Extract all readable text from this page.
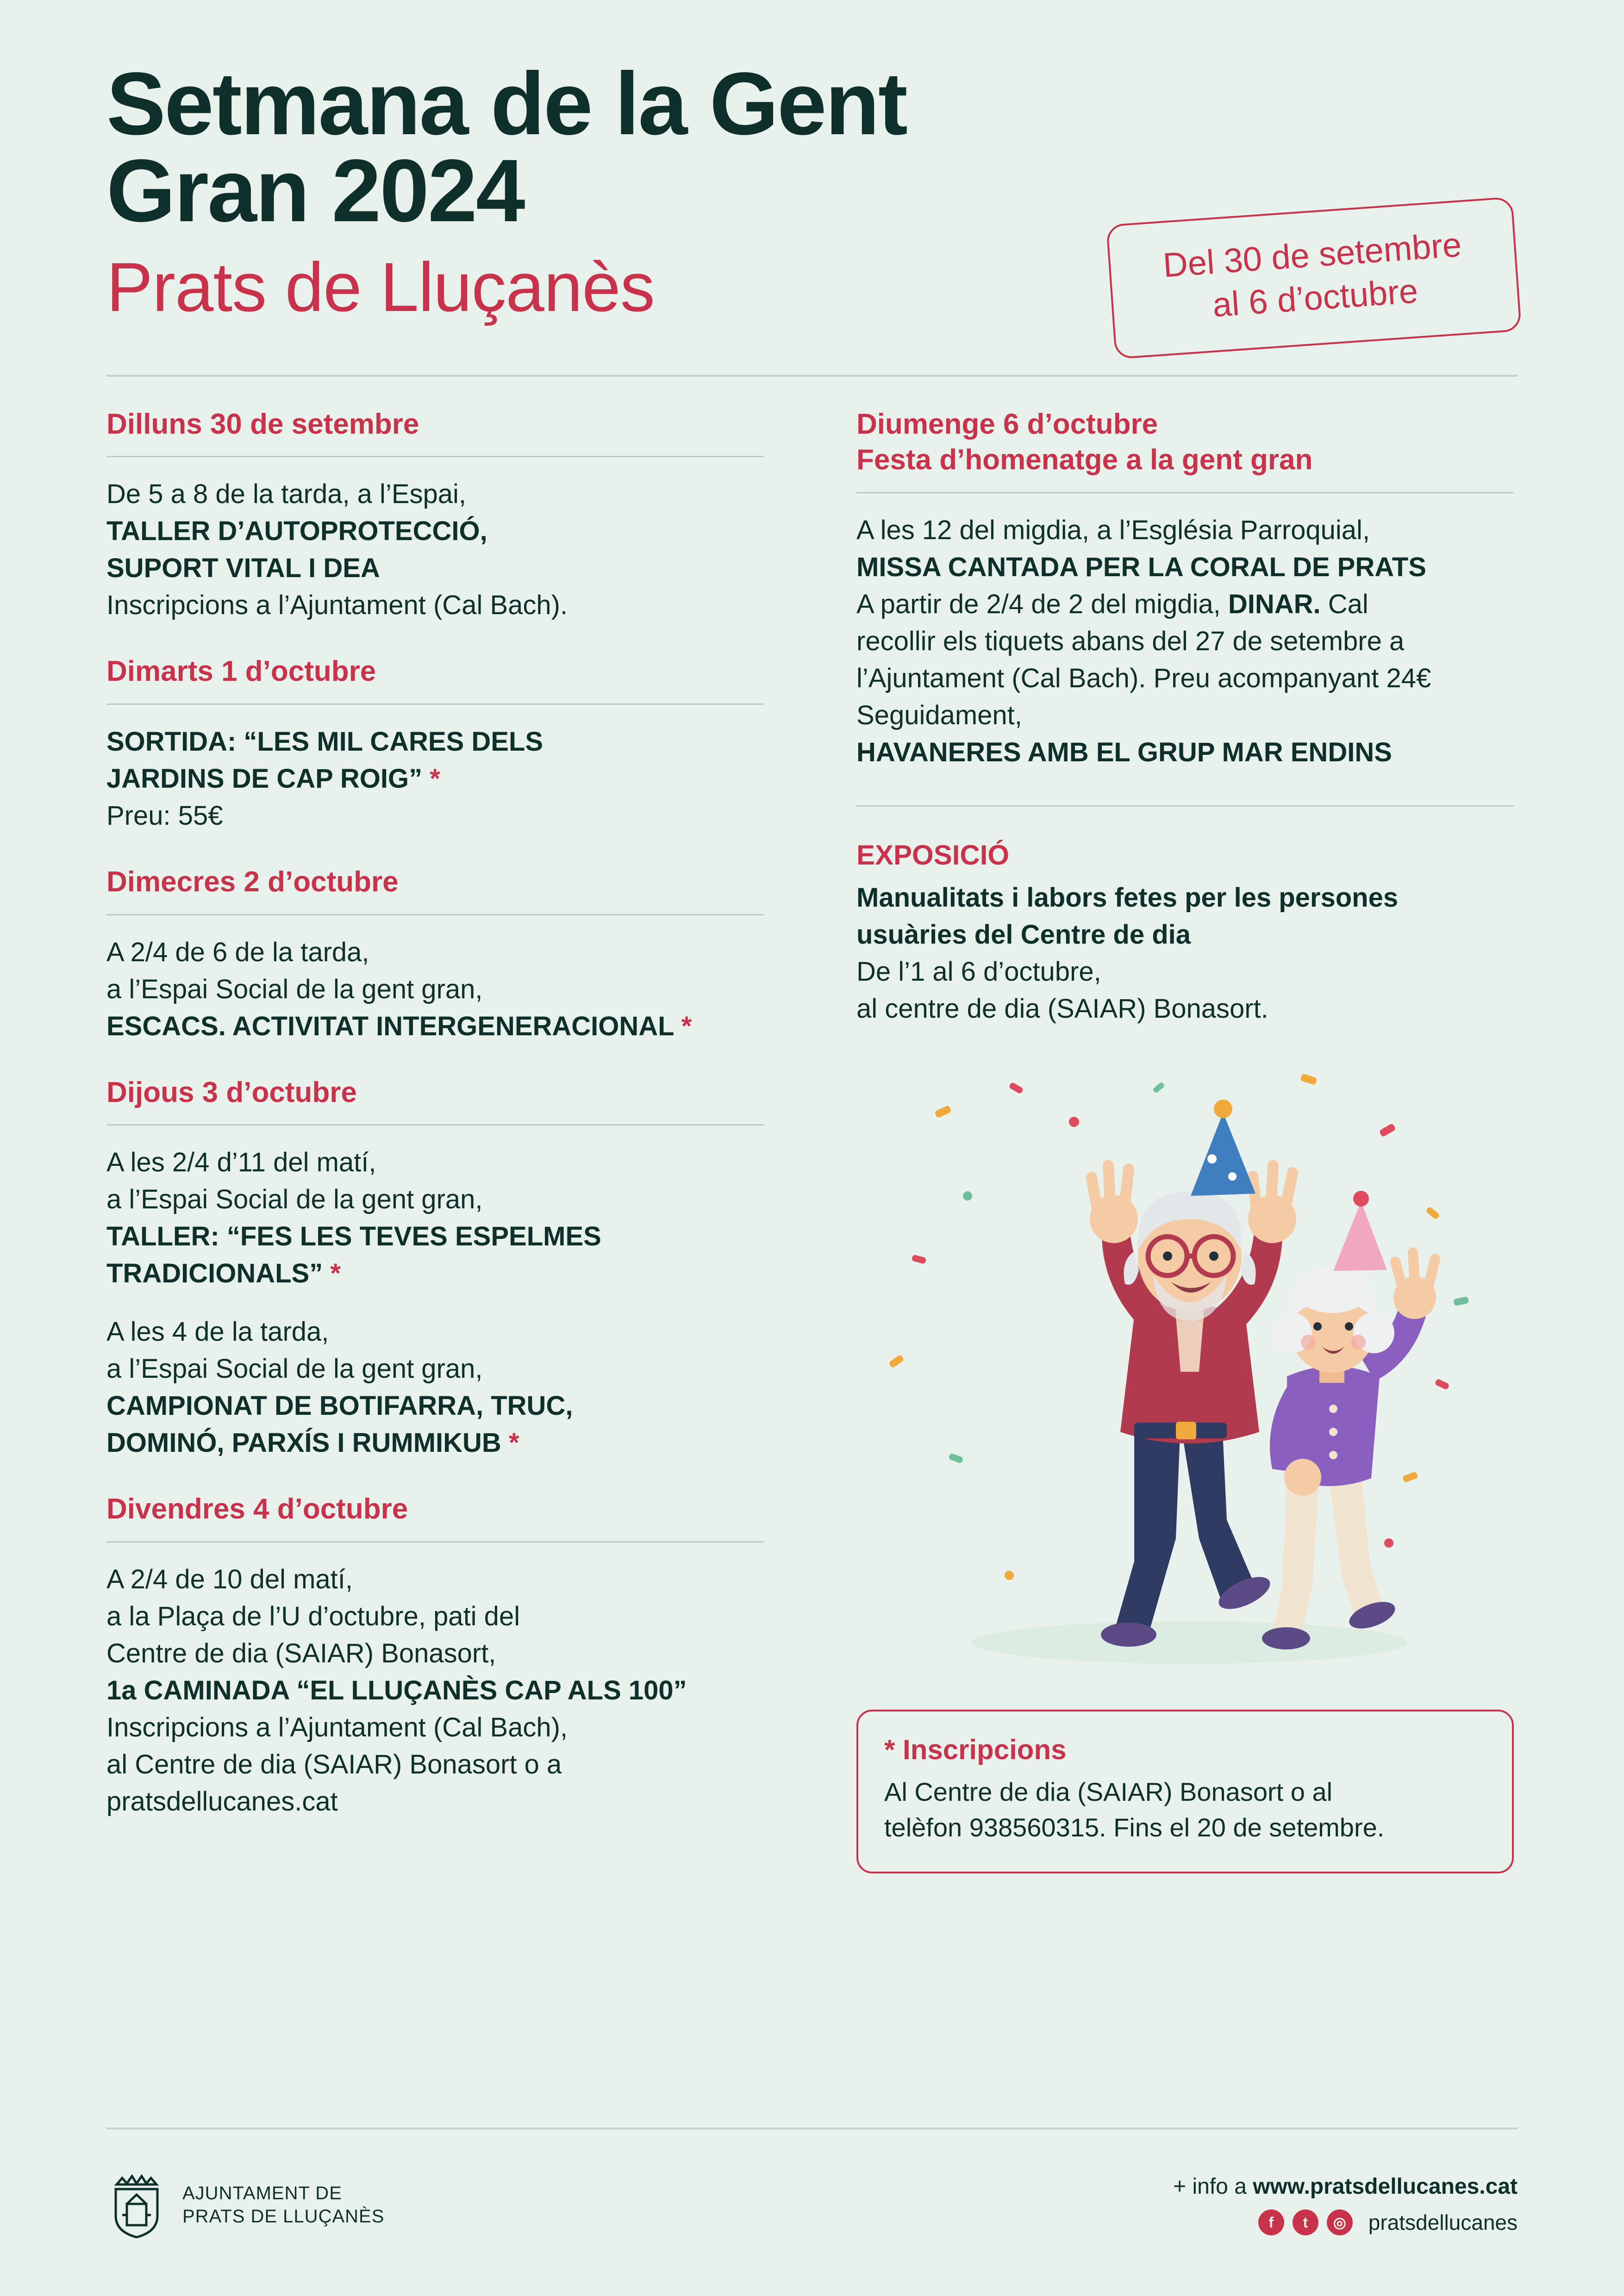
Setmana de la Gent
Gran 2024
Prats de Lluçanès	Del 30 de setembre
al 6 d’octubre

Dilluns 30 de setembre

De 5 a 8 de la tarda, a l’Espai,

TALLER D’AUTOPROTECCIÓ,

SUPORT VITAL I DEA

Inscripcions a l’Ajuntament (Cal Bach).

Dimarts 1 d’octubre

SORTIDA: “LES MIL CARES DELS

JARDINS DE CAP ROIG” *

Preu: 55€

Dimecres 2 d’octubre

A 2/4 de 6 de la tarda,

a l’Espai Social de la gent gran,

ESCACS. ACTIVITAT INTERGENERACIONAL *

Dijous 3 d’octubre

A les 2/4 d’11 del matí,

a l’Espai Social de la gent gran,

TALLER: “FES LES TEVES ESPELMES

TRADICIONALS” *

A les 4 de la tarda,

a l’Espai Social de la gent gran,

CAMPIONAT DE BOTIFARRA, TRUC,

DOMINÓ, PARXÍS I RUMMIKUB *

Divendres 4 d’octubre

A 2/4 de 10 del matí,

a la Plaça de l’U d’octubre, pati del

Centre de dia (SAIAR) Bonasort,

1a CAMINADA “EL LLUÇANÈS CAP ALS 100”

Inscripcions a l’Ajuntament (Cal Bach),

al Centre de dia (SAIAR) Bonasort o a

pratsdellucanes.cat

Diumenge 6 d’octubre

Festa d’homenatge a la gent gran

A les 12 del migdia, a l’Església Parroquial,

MISSA CANTADA PER LA CORAL DE PRATS

A partir de 2/4 de 2 del migdia, DINAR. Cal

recollir els tiquets abans del 27 de setembre a

l’Ajuntament (Cal Bach). Preu acompanyant 24€

Seguidament,

HAVANERES AMB EL GRUP MAR ENDINS

EXPOSICIÓ

Manualitats i labors fetes per les persones

usuàries del Centre de dia

De l’1 al 6 d’octubre,

al centre de dia (SAIAR) Bonasort.

* Inscripcions

Al Centre de dia (SAIAR) Bonasort o al

telèfon 938560315. Fins el 20 de setembre.

AJUNTAMENT DE
PRATS DE LLUÇANÈS
+ info a www.pratsdellucanes.cat
f	t	◎	pratsdellucanes
